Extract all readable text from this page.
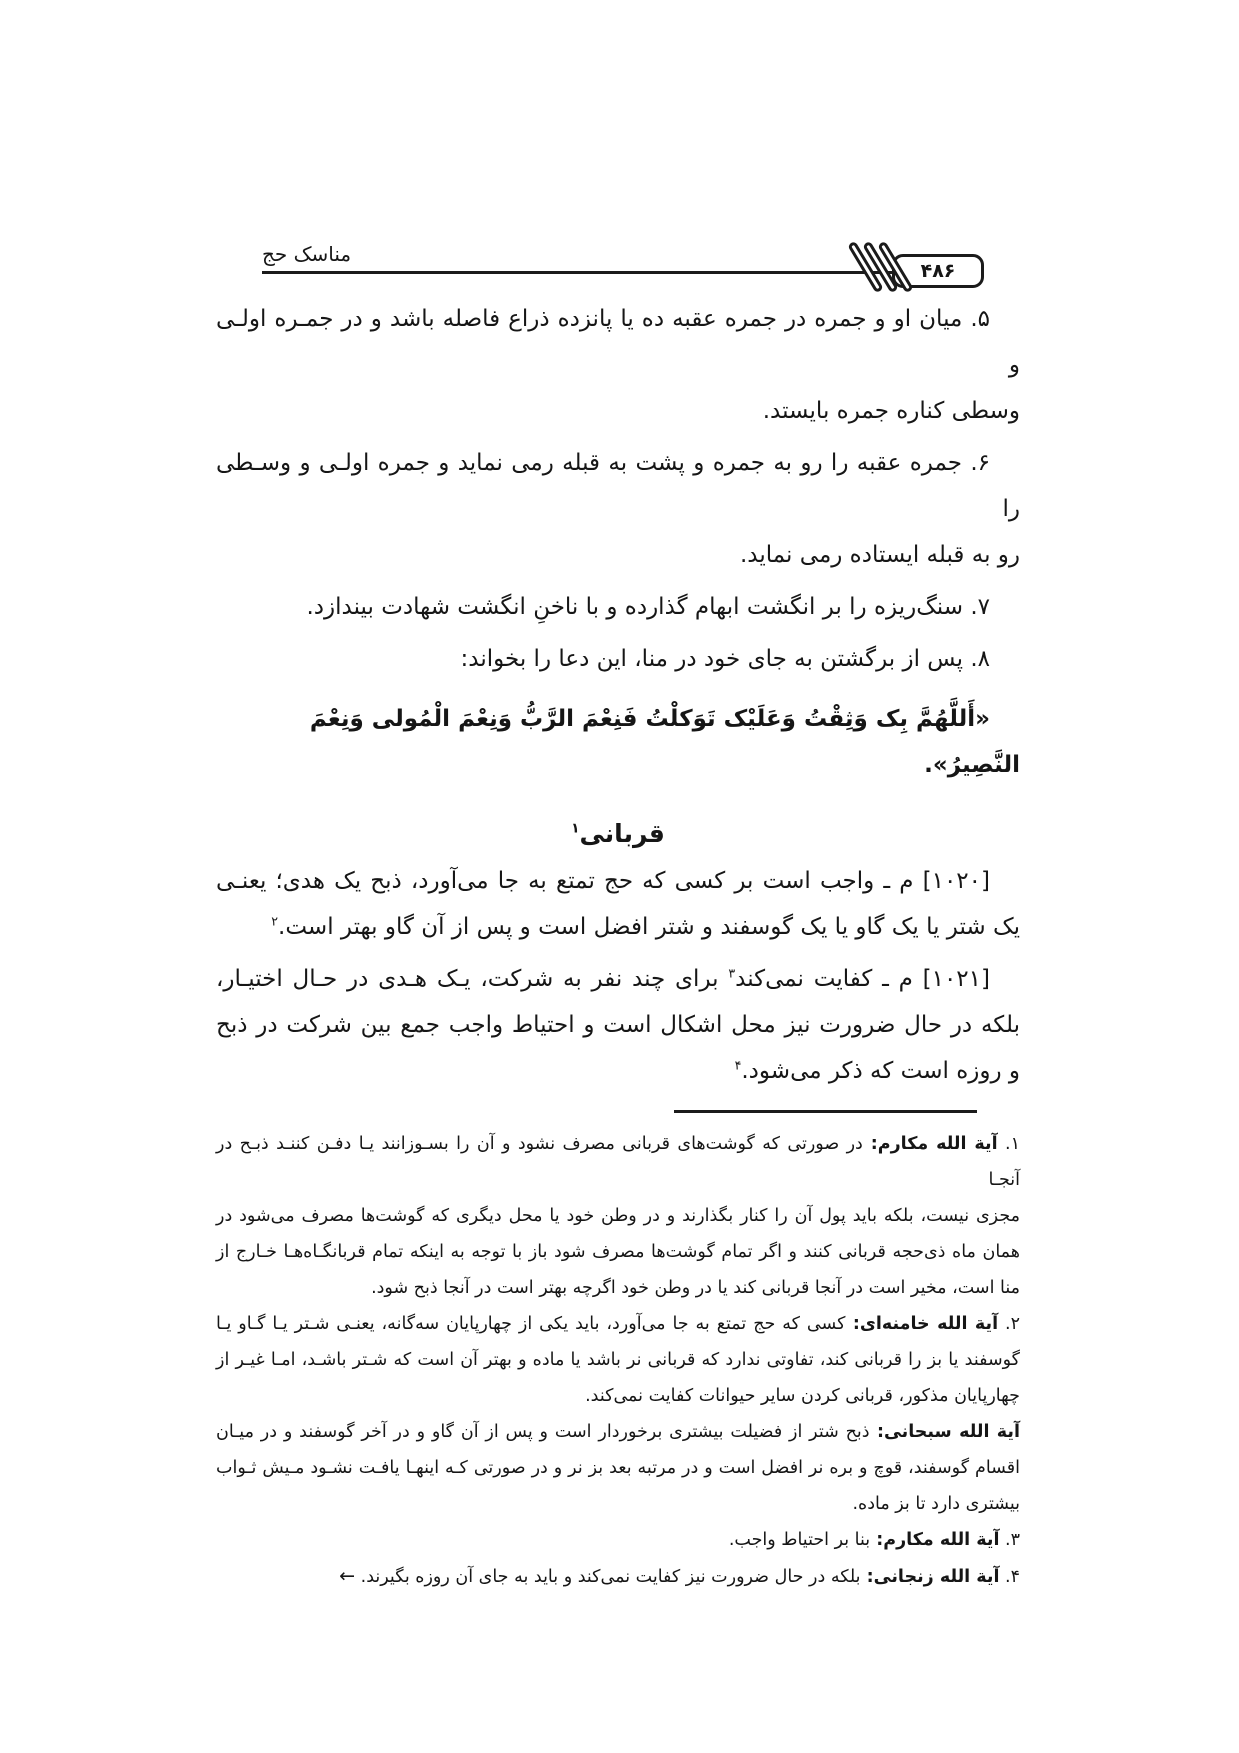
مناسک حج
۴۸۶
۵. میان او و جمره در جمره عقبه ده یا پانزده ذراع فاصله باشد و در جمـره اولـی و
وسطی کناره جمره بایستد.
۶. جمره عقبه را رو به جمره و پشت به قبله رمی نماید و جمره اولـی و وسـطی را
رو به قبله ایستاده رمی نماید.
۷. سنگ‌ریزه را بر انگشت ابهام گذارده و با ناخنِ انگشت شهادت بیندازد.
۸. پس از برگشتن به جای خود در منا، این دعا را بخواند:
«أَللَّهُمَّ بِک وَثِقْتُ وَعَلَیْک تَوَکلْتُ فَنِعْمَ الرَّبُّ وَنِعْمَ الْمُولی وَنِعْمَ النَّصِیرُ».
قربانی$^۱$
[۱۰۲۰] م ـ واجب است بر کسی که حج تمتع به جا می‌آورد، ذبح یک هدی؛ یعنـی
یک شتر یا یک گاو یا یک گوسفند و شتر افضل است و پس از آن گاو بهتر است.$^۲$
[۱۰۲۱] م ـ کفایت نمی‌کند$^۳$ برای چند نفر به شرکت، یـک هـدی در حـال اختیـار،
بلکه در حال ضرورت نیز محل اشکال است و احتیاط واجب جمع بین شرکت در ذبح
و روزه است که ذکر می‌شود.$^۴$
۱. آیة الله مکارم: در صورتی که گوشت‌های قربانی مصرف نشود و آن را بسـوزانند یـا دفـن کننـد ذبـح در آنجـا
مجزی نیست، بلکه باید پول آن را کنار بگذارند و در وطن خود یا محل دیگری که گوشت‌ها مصرف می‌شود در
همان ماه ذی‌حجه قربانی کنند و اگر تمام گوشت‌ها مصرف شود باز با توجه به اینکه تمام قربانگـاه‌هـا خـارج از
منا است، مخیر است در آنجا قربانی کند یا در وطن خود اگرچه بهتر است در آنجا ذبح شود.
۲. آیة الله خامنه‌ای: کسی که حج تمتع به جا می‌آورد، باید یکی از چهارپایان سه‌گانه، یعنـی شـتر یـا گـاو یـا
گوسفند یا بز را قربانی کند، تفاوتی ندارد که قربانی نر باشد یا ماده و بهتر آن است که شـتر باشـد، امـا غیـر از
چهارپایان مذکور، قربانی کردن سایر حیوانات کفایت نمی‌کند.
آیة الله سبحانی: ذبح شتر از فضیلت بیشتری برخوردار است و پس از آن گاو و در آخر گوسفند و در میـان
اقسام گوسفند، قوچ و بره نر افضل است و در مرتبه بعد بز نر و در صورتی کـه اینهـا یافـت نشـود مـیش ثـواب
بیشتری دارد تا بز ماده.
۳. آیة الله مکارم: بنا بر احتیاط واجب.
۴. آیة الله زنجانی: بلکه در حال ضرورت نیز کفایت نمی‌کند و باید به جای آن روزه بگیرند. ←
